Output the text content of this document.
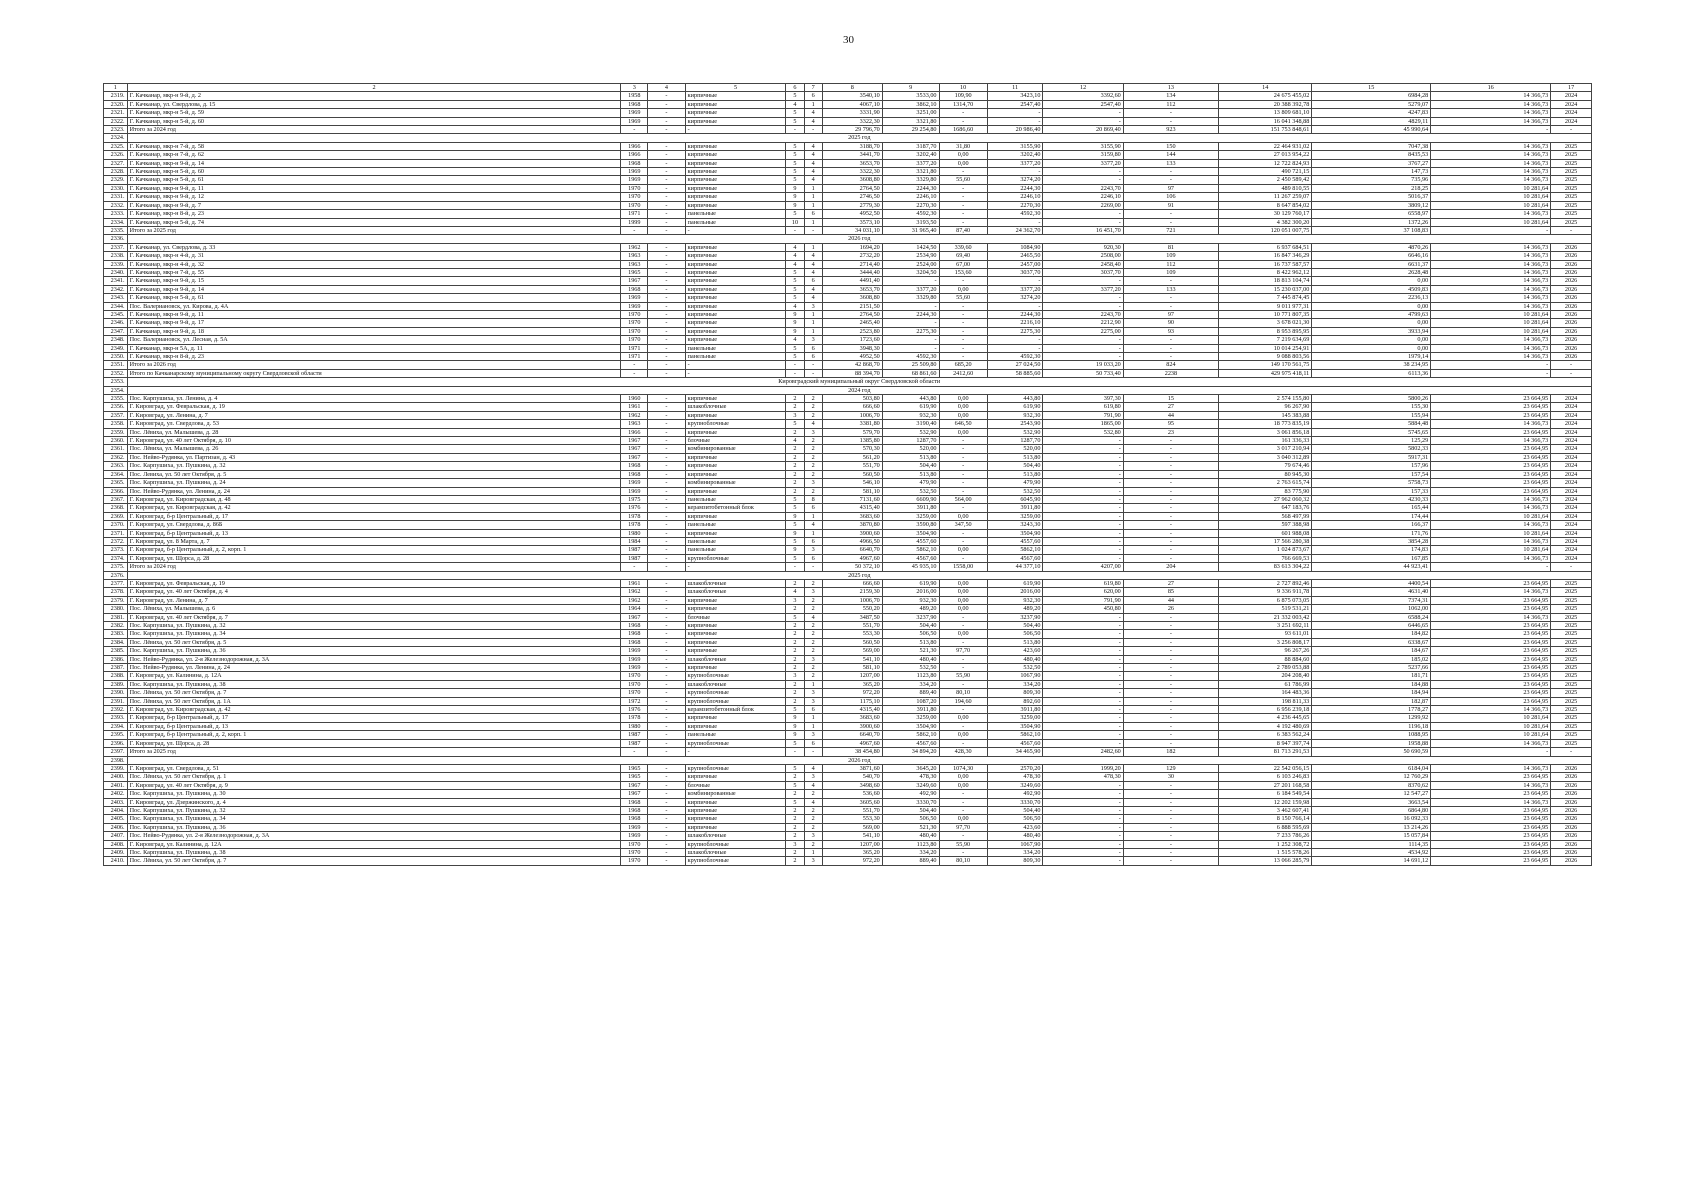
30
1	2	3	4	5	6	7	8	9	10	11	12	13	14	15	16	17
2319.	Г. Качканар, мкр-н 9-й, д. 2	1958	-	кирпичные	5	6	3540,10	3533,00	109,90	3423,10	3392,60	134	24 675 455,02	6984,28	14 366,73	2024
2320.	Г. Качканар, ул. Свердлова, д. 15	1968	-	кирпичные	4	1	4067,10	3862,10	1314,70	2547,40	2547,40	112	20 388 392,78	5279,07	14 366,73	2024
2321.	Г. Качканар, мкр-н 5-й, д. 59	1969	-	кирпичные	5	4	3331,90	3251,00	-	-	-	-	13 809 681,10	4247,83	14 366,73	2024
2322.	Г. Качканар, мкр-н 5-й, д. 60	1969	-	кирпичные	5	4	3322,30	3321,80	-	-	-	-	16 041 348,88	4829,11	14 366,73	2024
2323.	Итого за 2024 год	-	-	-	-	-	29 796,70	29 254,80	1686,60	20 986,40	20 869,40	923	151 753 848,61	45 990,64	-	-
2324.	2025 год															
2325.	Г. Качканар, мкр-н 7-й, д. 58	1966	-	кирпичные	5	4	3188,70	3187,70	31,80	3155,90	3155,90	150	22 464 931,02	7047,38	14 366,73	2025
2326.	Г. Качканар, мкр-н 7-й, д. 62	1966	-	кирпичные	5	4	3441,70	3202,40	0,00	3202,40	3159,80	144	27 013 954,22	8435,53	14 366,73	2025
2327.	Г. Качканар, мкр-н 9-й, д. 14	1968	-	кирпичные	5	4	3653,70	3377,20	0,00	3377,20	3377,20	133	12 722 824,93	3767,27	14 366,73	2025
2328.	Г. Качканар, мкр-н 5-й, д. 60	1969	-	кирпичные	5	4	3322,30	3321,80	-	-	-	-	490 721,15	147,73	14 366,73	2025
2329.	Г. Качканар, мкр-н 5-й, д. 61	1969	-	кирпичные	5	4	3608,80	3329,80	55,60	3274,20	-	-	2 450 589,42	735,96	14 366,73	2025
2330.	Г. Качканар, мкр-н 9-й, д. 11	1970	-	кирпичные	9	1	2764,50	2244,30	-	2244,30	2243,70	97	489 810,55	218,25	10 281,64	2025
2331.	Г. Качканар, мкр-н 9-й, д. 12	1970	-	кирпичные	9	1	2746,50	2246,10	-	2246,10	2246,10	106	11 267 259,07	5016,37	10 281,64	2025
2332.	Г. Качканар, мкр-н 9-й, д. 7	1970	-	кирпичные	9	1	2779,30	2270,30	-	2270,30	2269,00	91	8 647 854,02	3809,12	10 281,64	2025
2333.	Г. Качканар, мкр-н 8-й, д. 23	1971	-	панельные	5	6	4952,50	4592,30	-	4592,30	-	-	30 129 760,17	6558,97	14 366,73	2025
2334.	Г. Качканар, мкр-н 5-й, д. 74	1999	-	панельные	10	1	3573,10	3193,50	-	-	-	-	4 382 300,20	1372,26	10 281,64	2025
2335.	Итого за 2025 год	-	-	-	-	-	34 031,10	31 965,40	87,40	24 362,70	16 451,70	721	120 051 007,75	37 108,83	-	-
2336.	2026 год															
2337.	Г. Качканар, ул. Свердлова, д. 33	1962	-	кирпичные	4	1	1694,20	1424,50	339,60	1084,90	920,30	81	6 937 684,51	4870,26	14 366,73	2026
2338.	Г. Качканар, мкр-н 4-й, д. 31	1963	-	кирпичные	4	4	2732,20	2534,90	69,40	2465,50	2508,00	109	16 847 346,29	6646,16	14 366,73	2026
2339.	Г. Качканар, мкр-н 4-й, д. 32	1963	-	кирпичные	4	4	2714,40	2524,00	67,00	2457,00	2458,40	112	16 737 587,57	6631,37	14 366,73	2026
2340.	Г. Качканар, мкр-н 7-й, д. 55	1965	-	кирпичные	5	4	3444,40	3204,50	153,60	3037,70	3037,70	109	8 422 962,12	2628,48	14 366,73	2026
2341.	Г. Качканар, мкр-н 9-й, д. 15	1967	-	кирпичные	5	6	4491,40	-	-	-	-	-	18 813 104,74	0,00	14 366,73	2026
2342.	Г. Качканар, мкр-н 9-й, д. 14	1968	-	кирпичные	5	4	3653,70	3377,20	0,00	3377,20	3377,20	133	15 230 037,00	4509,83	14 366,73	2026
2343.	Г. Качканар, мкр-н 5-й, д. 61	1969	-	кирпичные	5	4	3608,80	3329,80	55,60	3274,20	-	-	7 445 874,45	2236,13	14 366,73	2026
2344.	Пос. Валериановск, ул. Кирова, д. 4А	1969	-	кирпичные	4	3	2151,50	-	-	-	-	-	9 011 977,31	0,00	14 366,73	2026
2345.	Г. Качканар, мкр-н 9-й, д. 11	1970	-	кирпичные	9	1	2764,50	2244,30	-	2244,30	2243,70	97	10 771 807,35	4799,63	10 281,64	2026
2346.	Г. Качканар, мкр-н 9-й, д. 17	1970	-	кирпичные	9	1	2465,40	-	-	2216,10	2212,90	90	3 678 021,30	0,00	10 281,64	2026
2347.	Г. Качканар, мкр-н 9-й, д. 18	1970	-	кирпичные	9	1	2523,80	2275,30	-	2275,30	2275,00	93	8 953 895,95	3933,94	10 281,64	2026
2348.	Пос. Валериановск, ул. Лесная, д. 5А	1970	-	кирпичные	4	3	1723,60	-	-	-	-	-	7 219 634,69	0,00	14 366,73	2026
2349.	Г. Качканар, мкр-н 5А, д. 11	1971	-	панельные	5	6	3948,30	-	-	-	-	-	10 014 254,91	0,00	14 366,73	2026
2350.	Г. Качканар, мкр-н 8-й, д. 23	1971	-	панельные	5	6	4952,50	4592,30	-	4592,30	-	-	9 088 803,56	1979,14	14 366,73	2026
2351.	Итого за 2026 год	-	-	-	-	-	42 868,70	25 509,80	685,20	27 024,50	19 033,20	824	149 170 561,75	38 234,95	-	-
2352.	Итого по Качканарскому муниципальному округу Свердловской области	-	-	-	-	-	88 394,70	68 861,60	2412,60	58 885,60	50 733,40	2238	429 975 418,11	6113,36	-	-
2353.	Кировградский муниципальный округ Свердловской области															
2354.	2024 год															
2355.	Пос. Карпушиха, ул. Ленина, д. 4	1960	-	кирпичные	2	2	503,80	443,80	0,00	443,80	397,30	15	2 574 155,80	5800,26	23 664,95	2024
2356.	Г. Кировград, ул. Февральская, д. 19	1961	-	шлакоблочные	2	2	666,60	619,90	0,00	619,90	619,80	27	96 267,90	155,30	23 664,95	2024
2357.	Г. Кировград, ул. Ленина, д. 7	1962	-	кирпичные	3	2	1006,70	932,30	0,00	932,30	791,90	44	145 383,88	155,94	23 664,95	2024
2358.	Г. Кировград, ул. Свердлова, д. 53	1963	-	крупноблочные	5	4	3381,80	3190,40	646,50	2543,90	1865,00	95	18 773 835,19	5884,48	14 366,73	2024
2359.	Пос. Лёвиха, ул. Малышева, д. 28	1966	-	кирпичные	2	3	579,70	532,90	0,00	532,90	532,80	23	3 061 856,18	5745,65	23 664,95	2024
2360.	Г. Кировград, ул. 40 лет Октября, д. 10	1967	-	блочные	4	2	1385,80	1287,70	-	1287,70	-	-	161 336,33	125,29	14 366,73	2024
2361.	Пос. Лёвиха, ул. Малышева, д. 26	1967	-	комбинированные	2	2	570,30	520,00	-	520,00	-	-	3 017 210,94	5802,33	23 664,95	2024
2362.	Пос. Нейво-Рудянка, ул. Партизан, д. 43	1967	-	кирпичные	2	2	561,20	513,80	-	513,80	-	-	3 040 312,89	5917,31	23 664,95	2024
2363.	Пос. Карпушиха, ул. Пушкина, д. 32	1968	-	кирпичные	2	2	551,70	504,40	-	504,40	-	-	79 674,46	157,96	23 664,95	2024
2364.	Пос. Левиха, ул. 50 лет Октября, д. 5	1968	-	кирпичные	2	2	560,50	513,80	-	513,80	-	-	80 945,30	157,54	23 664,95	2024
2365.	Пос. Карпушиха, ул. Пушкина, д. 24	1969	-	комбинированные	2	3	546,10	479,90	-	479,90	-	-	2 763 615,74	5758,73	23 664,95	2024
2366.	Пос. Нейво-Рудянка, ул. Ленина, д. 24	1969	-	кирпичные	2	2	581,10	532,50	-	532,50	-	-	83 775,90	157,33	23 664,95	2024
2367.	Г. Кировград, ул. Кировградская, д. 48	1975	-	панельные	5	8	7131,60	6609,90	564,00	6045,90	-	-	27 962 060,32	4230,33	14 366,73	2024
2368.	Г. Кировград, ул. Кировградская, д. 42	1976	-	керамзитобетонный блок	5	6	4315,40	3911,80	-	3911,80	-	-	647 183,76	165,44	14 366,73	2024
2369.	Г. Кировград, б-р Центральный, д. 17	1978	-	кирпичные	9	1	3683,60	3259,00	0,00	3259,00	-	-	568 497,99	174,44	10 281,64	2024
2370.	Г. Кировград, ул. Свердлова, д. 86Б	1978	-	панельные	5	4	3870,80	3590,80	347,50	3243,30	-	-	597 388,98	166,37	14 366,73	2024
2371.	Г. Кировград, б-р Центральный, д. 13	1980	-	кирпичные	9	1	3900,60	3504,90	-	3504,90	-	-	601 988,08	171,76	10 281,64	2024
2372.	Г. Кировград, ул. 8 Марта, д. 7	1984	-	панельные	5	6	4966,50	4557,60	-	4557,60	-	-	17 566 280,38	3854,28	14 366,73	2024
2373.	Г. Кировград, б-р Центральный, д. 2, корп. 1	1987	-	панельные	9	3	6640,70	5862,10	0,00	5862,10	-	-	1 024 873,67	174,83	10 281,64	2024
2374.	Г. Кировград, ул. Щорса, д. 28	1987	-	крупноблочные	5	6	4967,60	4567,60	-	4567,60	-	-	766 669,53	167,85	14 366,73	2024
2375.	Итого за 2024 год	-	-	-	-	-	50 372,10	45 935,10	1558,00	44 377,10	4207,00	204	83 613 304,22	44 923,41	-	-
2376.	2025 год															
2377.	Г. Кировград, ул. Февральская, д. 19	1961	-	шлакоблочные	2	2	666,60	619,90	0,00	619,90	619,80	27	2 727 892,46	4400,54	23 664,95	2025
2378.	Г. Кировград, ул. 40 лет Октября, д. 4	1962	-	шлакоблочные	4	3	2159,30	2016,00	0,00	2016,00	620,00	85	9 336 911,78	4631,40	14 366,73	2025
2379.	Г. Кировград, ул. Ленина, д. 7	1962	-	кирпичные	3	2	1006,70	932,30	0,00	932,30	791,90	44	6 875 073,05	7374,31	23 664,95	2025
2380.	Пос. Лёвиха, ул. Малышева, д. 6	1964	-	кирпичные	2	2	550,20	489,20	0,00	489,20	450,80	26	519 531,21	1062,00	23 664,95	2025
2381.	Г. Кировград, ул. 40 лет Октября, д. 7	1967	-	блочные	5	4	3487,50	3237,90	-	3237,90	-	-	21 332 003,42	6588,24	14 366,73	2025
2382.	Пос. Карпушиха, ул. Пушкина, д. 32	1968	-	кирпичные	2	2	551,70	504,40	-	504,40	-	-	3 251 692,11	6446,65	23 664,95	2025
2383.	Пос. Карпушиха, ул. Пушкина, д. 34	1968	-	кирпичные	2	2	553,30	506,50	0,00	506,50	-	-	93 611,01	184,82	23 664,95	2025
2384.	Пос. Лёвиха, ул. 50 лет Октября, д. 5	1968	-	кирпичные	2	2	560,50	513,80	-	513,80	-	-	3 256 808,17	6338,67	23 664,95	2025
2385.	Пос. Карпушиха, ул. Пушкина, д. 36	1969	-	кирпичные	2	2	569,00	521,30	97,70	423,60	-	-	96 267,26	184,67	23 664,95	2025
2386.	Пос. Нейво-Рудянка, ул. 2-я Железнодорожная, д. 3А	1969	-	шлакоблочные	2	3	541,10	480,40	-	480,40	-	-	88 884,60	185,02	23 664,95	2025
2387.	Пос. Нейво-Рудянка, ул. Ленина, д. 24	1969	-	кирпичные	2	2	581,10	532,50	-	532,50	-	-	2 789 053,88	5237,66	23 664,95	2025
2388.	Г. Кировград, ул. Калинина, д. 12А	1970	-	крупноблочные	3	2	1207,00	1123,80	55,90	1067,90	-	-	204 208,40	181,71	23 664,95	2025
2389.	Пос. Карпушиха, ул. Пушкина, д. 38	1970	-	шлакоблочные	2	1	365,20	334,20	-	334,20	-	-	61 786,99	184,88	23 664,95	2025
2390.	Пос. Лёвиха, ул. 50 лет Октября, д. 7	1970	-	крупноблочные	2	3	972,20	889,40	80,10	809,30	-	-	164 483,36	184,94	23 664,95	2025
2391.	Пос. Лёвиха, ул. 50 лет Октября, д. 1А	1972	-	крупноблочные	2	3	1175,10	1087,20	194,60	892,60	-	-	198 811,33	182,87	23 664,95	2025
2392.	Г. Кировград, ул. Кировградская, д. 42	1976	-	керамзитобетонный блок	5	6	4315,40	3911,80	-	3911,80	-	-	6 956 239,18	1778,27	14 366,73	2025
2393.	Г. Кировград, б-р Центральный, д. 17	1978	-	кирпичные	9	1	3683,60	3259,00	0,00	3259,00	-	-	4 236 445,65	1299,92	10 281,64	2025
2394.	Г. Кировград, б-р Центральный, д. 13	1980	-	кирпичные	9	1	3900,60	3504,90	-	3504,90	-	-	4 192 480,69	1196,18	10 281,64	2025
2395.	Г. Кировград, б-р Центральный, д. 2, корп. 1	1987	-	панельные	9	3	6640,70	5862,10	0,00	5862,10	-	-	6 383 562,24	1088,95	10 281,64	2025
2396.	Г. Кировград, ул. Щорса, д. 28	1987	-	крупноблочные	5	6	4967,60	4567,60	-	4567,60	-	-	8 947 397,74	1958,88	14 366,73	2025
2397.	Итого за 2025 год	-	-	-	-	-	38 454,80	34 894,20	428,30	34 465,90	2482,60	182	81 713 291,53	50 690,59	-	-
2398.	2026 год															
2399.	Г. Кировград, ул. Свердлова, д. 51	1965	-	крупноблочные	5	4	3871,60	3645,20	1074,30	2570,20	1999,20	129	22 542 056,15	6184,04	14 366,73	2026
2400.	Пос. Лёвиха, ул. 50 лет Октября, д. 1	1965	-	кирпичные	2	3	540,70	478,30	0,00	478,30	478,30	30	6 103 246,83	12 760,29	23 664,95	2026
2401.	Г. Кировград, ул. 40 лет Октября, д. 9	1967	-	блочные	5	4	3498,60	3249,60	0,00	3249,60	-	-	27 201 168,58	8370,62	14 366,73	2026
2402.	Пос. Карпушиха, ул. Пушкина, д. 30	1967	-	комбинированные	2	2	536,60	492,90	-	492,90	-	-	6 184 549,54	12 547,27	23 664,95	2026
2403.	Г. Кировград, ул. Дзержинского, д. 4	1968	-	кирпичные	5	4	3605,60	3330,70	-	3330,70	-	-	12 202 159,98	3663,54	14 366,73	2026
2404.	Пос. Карпушиха, ул. Пушкина, д. 32	1968	-	кирпичные	2	2	551,70	504,40	-	504,40	-	-	3 462 607,41	6864,80	23 664,95	2026
2405.	Пос. Карпушиха, ул. Пушкина, д. 34	1968	-	кирпичные	2	2	553,30	506,50	0,00	506,50	-	-	8 150 766,14	16 092,33	23 664,95	2026
2406.	Пос. Карпушиха, ул. Пушкина, д. 36	1969	-	кирпичные	2	2	569,00	521,30	97,70	423,60	-	-	6 888 595,69	13 214,26	23 664,95	2026
2407.	Пос. Нейво-Рудянка, ул. 2-я Железнодорожная, д. 3А	1969	-	шлакоблочные	2	3	541,10	480,40	-	480,40	-	-	7 233 786,26	15 057,84	23 664,95	2026
2408.	Г. Кировград, ул. Калинина, д. 12А	1970	-	крупноблочные	3	2	1207,00	1123,80	55,90	1067,90	-	-	1 252 308,72	1114,35	23 664,95	2026
2409.	Пос. Карпушиха, ул. Пушкина, д. 38	1970	-	шлакоблочные	2	1	365,20	334,20	-	334,20	-	-	1 515 578,26	4534,92	23 664,95	2026
2410.	Пос. Лёвиха, ул. 50 лет Октября, д. 7	1970	-	крупноблочные	2	3	972,20	889,40	80,10	809,30	-	-	13 066 285,79	14 691,12	23 664,95	2026
